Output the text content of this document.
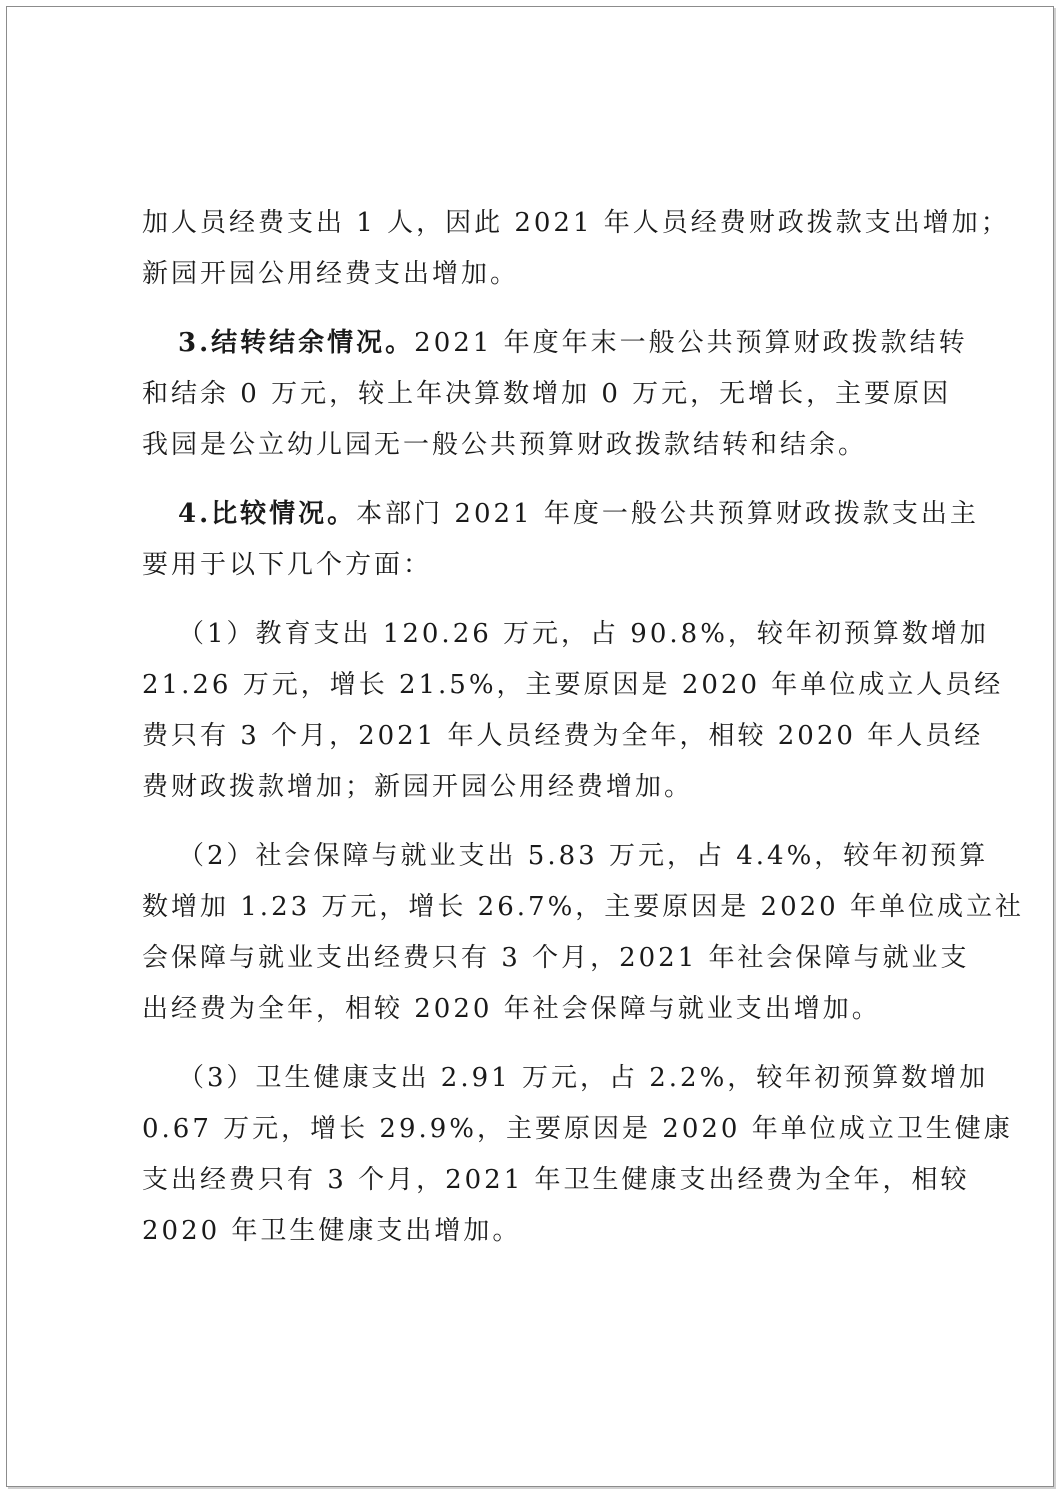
加人员经费支出 1 人，因此 2021 年人员经费财政拨款支出增加；
新园开园公用经费支出增加。

3.结转结余情况。2021 年度年末一般公共预算财政拨款结转
和结余 0 万元，较上年决算数增加 0 万元，无增长，主要原因
我园是公立幼儿园无一般公共预算财政拨款结转和结余。

4.比较情况。本部门 2021 年度一般公共预算财政拨款支出主
要用于以下几个方面：

（1）教育支出 120.26 万元，占 90.8%，较年初预算数增加
21.26 万元，增长 21.5%，主要原因是 2020 年单位成立人员经
费只有 3 个月，2021 年人员经费为全年，相较 2020 年人员经
费财政拨款增加；新园开园公用经费增加。

（2）社会保障与就业支出 5.83 万元，占 4.4%，较年初预算
数增加 1.23 万元，增长 26.7%，主要原因是 2020 年单位成立社
会保障与就业支出经费只有 3 个月，2021 年社会保障与就业支
出经费为全年，相较 2020 年社会保障与就业支出增加。

（3）卫生健康支出 2.91 万元，占 2.2%，较年初预算数增加
0.67 万元，增长 29.9%，主要原因是 2020 年单位成立卫生健康
支出经费只有 3 个月，2021 年卫生健康支出经费为全年，相较
2020 年卫生健康支出增加。
